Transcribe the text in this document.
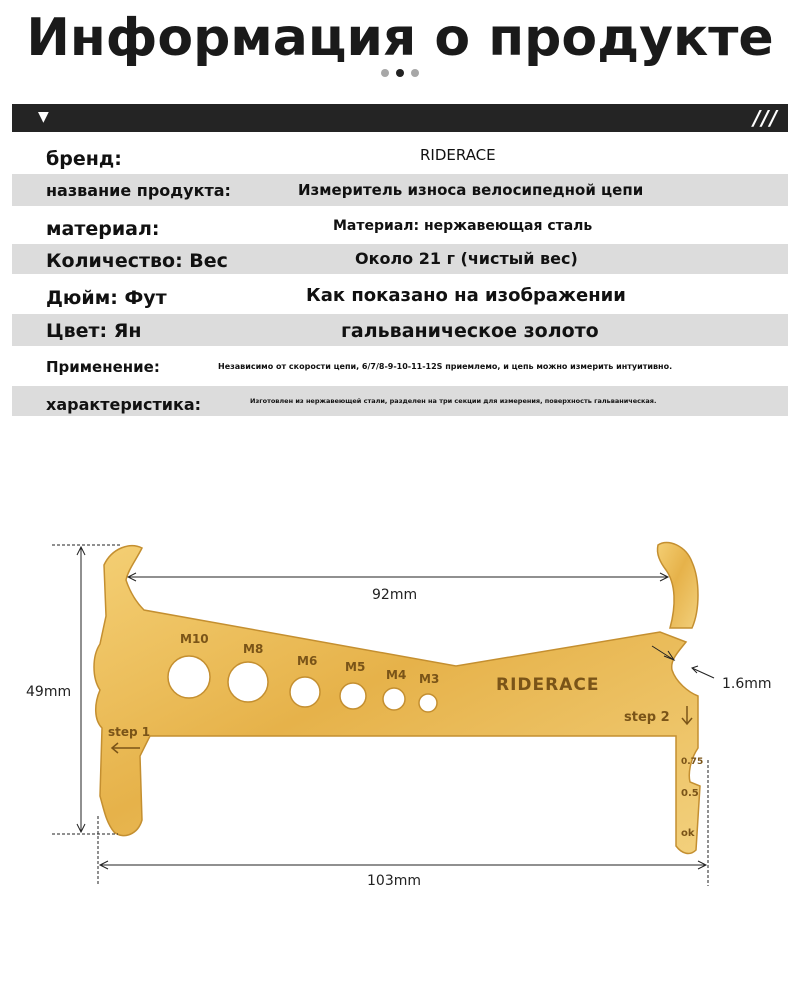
Информация о продукте
▼	///
бренд:	RIDERACE
название продукта:	Измеритель износа велосипедной цепи
материал:	Материал: нержавеющая сталь
Количество: Вес	Около 21 г (чистый вес)
Дюйм: Фут	Как показано на изображении
Цвет: Ян	гальваническое золото
Применение:	Независимо от скорости цепи, 6/7/8-9-10-11-12S приемлемо, и цепь можно измерить интуитивно.
характеристика:	Изготовлен из нержавеющей стали, разделен на три секции для измерения, поверхность гальваническая.
M10
M8
M6 M5
M4 M3	RIDERACE
step 1
step 2
0.75
0.5
ok
92mm
49mm
103mm
1.6mm
